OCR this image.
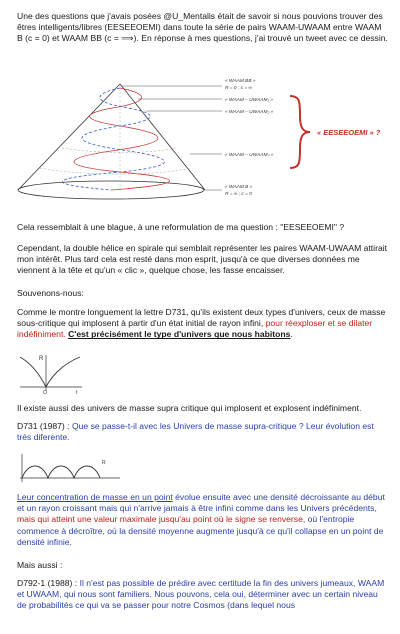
Une des questions que j'avais posées @U_Mentalis était de savoir si nous pouvions trouver des êtres intelligents/libres (EESEEOEMI) dans toute la série de pairs WAAM-UWAAM entre WAAM B (c = 0) et WAAM BB (c = ⟹). En réponse à mes questions, j'ai trouvé un tweet avec ce dessin.

« WAAM BB »
R = 0 ; c = ∞
« WAAM – UWAAM₁ »
« WAAM – UWAAM₂ »
« WAAM – UWAAMₙ »
« WAAM B »
R = ∞ ; c = 0
« EESEEOEMI » ?

Cela ressemblait à une blague, à une reformulation de ma question : "EESEEOEMI" ?

Cependant, la double hélice en spirale qui semblait représenter les paires WAAM-UWAAM attirait mon intérêt. Plus tard cela est resté dans mon esprit, jusqu'à ce que diverses données me viennent à la tête et qu'un « clic », quelque chose, les fasse encaisser.

Souvenons-nous:

Comme le montre longuement la lettre D731, qu'ils existent deux types d'univers, ceux de masse sous-critique qui implosent à partir d'un état initial de rayon infini, pour réexploser et se dilater indéfiniment. C'est précisément le type d'univers que nous habitons.

R
O	t

Il existe aussi des univers de masse supra critique qui implosent et explosent indéfiniment.

D731 (1987) : Que se passe-t-il avec les Univers de masse supra-critique ? Leur évolution est très diferente.

R

Leur concentration de masse en un point évolue ensuite avec une densité décroissante au début et un rayon croissant mais qui n'arrive jamais à être infini comme dans les Univers précédents, mais qui atteint une valeur maximale jusqu'au point où le signe se renverse, où l'entropie commence à décroître, où la densité moyenne augmente jusqu'à ce qu'il collapse en un point de densité infinie.

Mais aussi :

D792-1 (1988) : Il n'est pas possible de prédire avec certitude la fin des univers jumeaux, WAAM et UWAAM, qui nous sont familiers. Nous pouvons, cela oui, déterminer avec un certain niveau de probabilités ce qui va se passer pour notre Cosmos (dans lequel nous
